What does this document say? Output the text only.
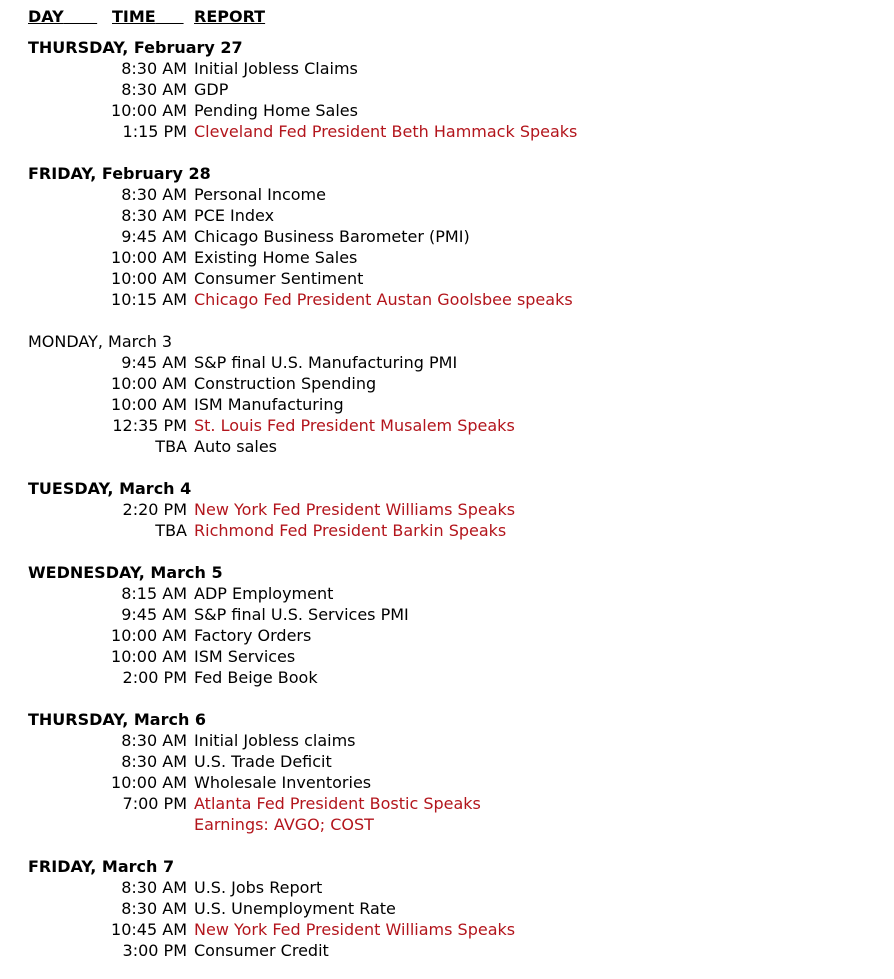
DAY	TIME	REPORT
THURSDAY, February 27
8:30 AM Initial Jobless Claims
8:30 AM GDP
10:00 AM Pending Home Sales
1:15 PM Cleveland Fed President Beth Hammack Speaks
FRIDAY, February 28
8:30 AM Personal Income
8:30 AM PCE Index
9:45 AM Chicago Business Barometer (PMI)
10:00 AM Existing Home Sales
10:00 AM Consumer Sentiment
10:15 AM Chicago Fed President Austan Goolsbee speaks
MONDAY, March 3
9:45 AM S&P final U.S. Manufacturing PMI
10:00 AM Construction Spending
10:00 AM ISM Manufacturing
12:35 PM St. Louis Fed President Musalem Speaks
TBA Auto sales
TUESDAY, March 4
2:20 PM New York Fed President Williams Speaks
TBA Richmond Fed President Barkin Speaks
WEDNESDAY, March 5
8:15 AM ADP Employment
9:45 AM S&P final U.S. Services PMI
10:00 AM Factory Orders
10:00 AM ISM Services
2:00 PM Fed Beige Book
THURSDAY, March 6
8:30 AM Initial Jobless claims
8:30 AM U.S. Trade Deficit
10:00 AM Wholesale Inventories
7:00 PM Atlanta Fed President Bostic Speaks
Earnings: AVGO; COST
FRIDAY, March 7
8:30 AM U.S. Jobs Report
8:30 AM U.S. Unemployment Rate
10:45 AM New York Fed President Williams Speaks
3:00 PM Consumer Credit
